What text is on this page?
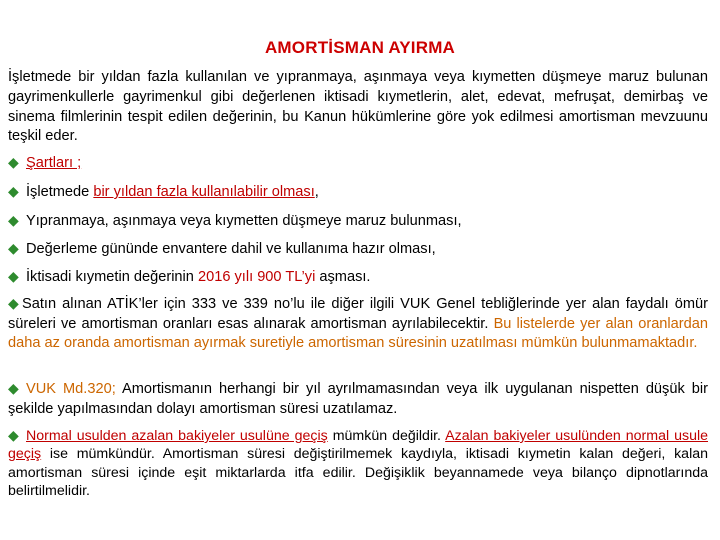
AMORTİSMAN AYIRMA
İşletmede bir yıldan fazla kullanılan ve yıpranmaya, aşınmaya veya kıymetten düşmeye maruz bulunan gayrimenkullerle gayrimenkul gibi değerlenen iktisadi kıymetlerin, alet, edevat, mefruşat, demirbaş ve sinema filmlerinin tespit edilen değerinin, bu Kanun hükümlerine göre yok edilmesi amortisman mevzuunu teşkil eder.
◆ Şartları ;
◆ İşletmede bir yıldan fazla kullanılabilir olması,
◆ Yıpranmaya, aşınmaya veya kıymetten düşmeye maruz bulunması,
◆ Değerleme gününde envantere dahil ve kullanıma hazır olması,
◆ İktisadi kıymetin değerinin 2016 yılı 900 TL’yi aşması.
◆ Satın alınan ATİK’ler için 333 ve 339 no’lu ile diğer ilgili VUK Genel tebliğlerinde yer alan faydalı ömür süreleri ve amortisman oranları esas alınarak amortisman ayrılabilecektir. Bu listelerde yer alan oranlardan daha az oranda amortisman ayırmak suretiyle amortisman süresinin uzatılması mümkün bulunmamaktadır.
◆ VUK Md.320; Amortismanın herhangi bir yıl ayrılmamasından veya ilk uygulanan nispetten düşük bir şekilde yapılmasından dolayı amortisman süresi uzatılamaz.
◆ Normal usulden azalan bakiyeler usulüne geçiş mümkün değildir. Azalan bakiyeler usulünden normal usule geçiş ise mümkündür. Amortisman süresi değiştirilmemek kaydıyla, iktisadi kıymetin kalan değeri, kalan amortisman süresi içinde eşit miktarlarda itfa edilir. Değişiklik beyannamede veya bilanço dipnotlarında belirtilmelidir.
